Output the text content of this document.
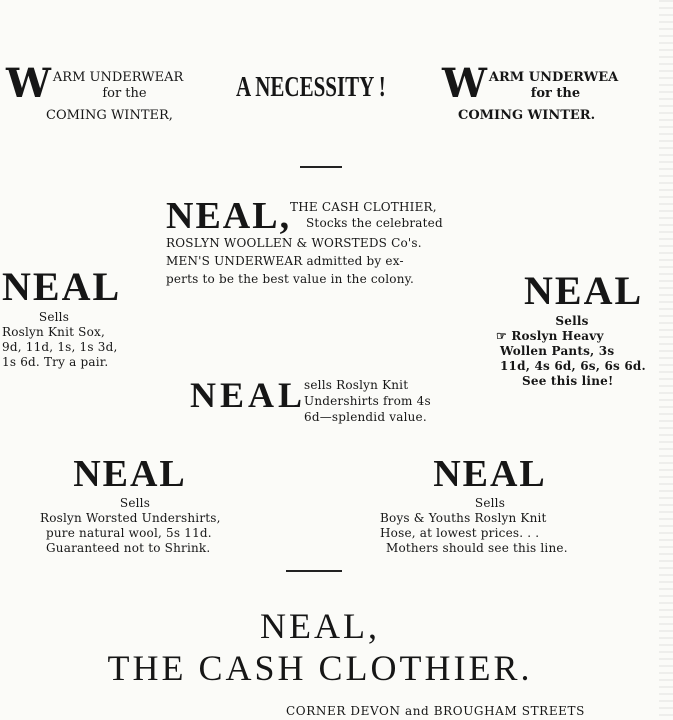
W ARM UNDERWEAR
for the
COMING WINTER,
A NECESSITY ! W ARM UNDERWEA
for the
COMING WINTER.
NEAL,
THE CASH CLOTHIER,
Stocks the celebrated
ROSLYN WOOLLEN & WORSTEDS Co's.
MEN'S UNDERWEAR admitted by ex-
perts to be the best value in the colony.
NEAL
Sells
Roslyn Knit Sox,
9d, 11d, 1s, 1s 3d,
1s 6d. Try a pair.
NEAL
Sells
☞ Roslyn Heavy
Wollen Pants, 3s
11d, 4s 6d, 6s, 6s 6d.
See this line!
NEAL
sells Roslyn Knit
Undershirts from 4s
6d—splendid value.
NEAL
Sells
Roslyn Worsted Undershirts,
pure natural wool, 5s 11d.
Guaranteed not to Shrink.
NEAL
Sells
Boys & Youths Roslyn Knit
Hose, at lowest prices. . .
Mothers should see this line.
NEAL,
THE CASH CLOTHIER.
CORNER DEVON and BROUGHAM STREETS
